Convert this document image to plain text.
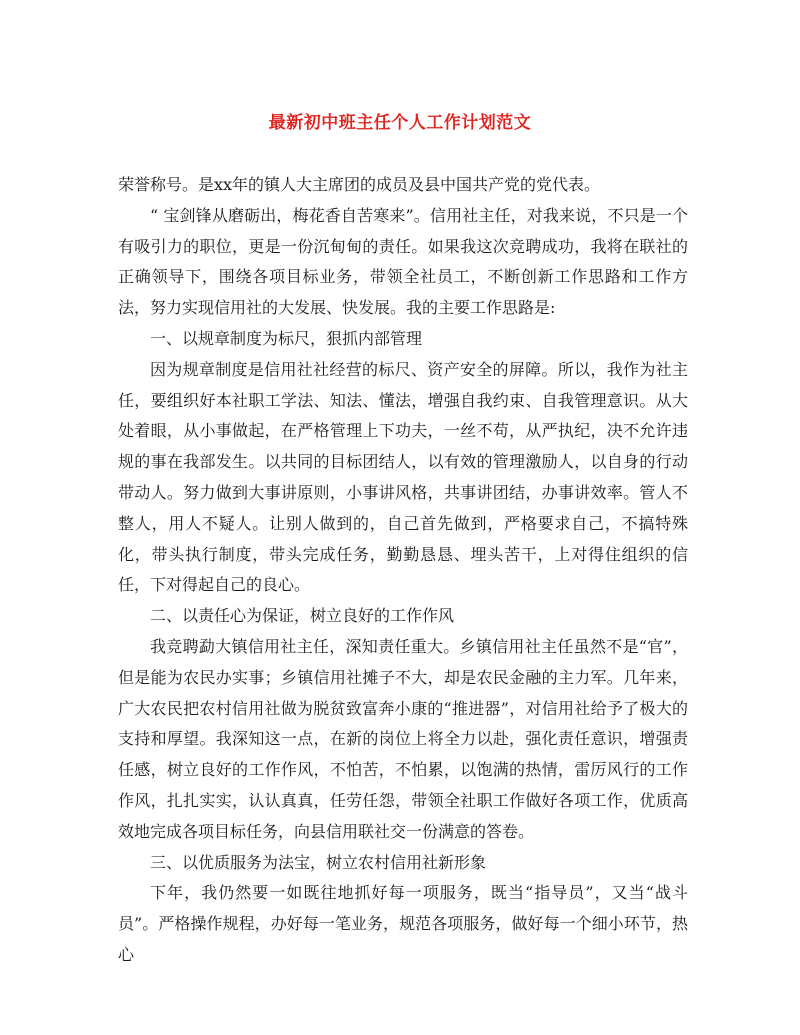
最新初中班主任个人工作计划范文

荣誉称号。是xx年的镇人大主席团的成员及县中国共产党的党代表。

“ 宝剑锋从磨砺出，梅花香自苦寒来”。信用社主任，对我来说，不只是一个有吸引力的职位，更是一份沉甸甸的责任。如果我这次竞聘成功，我将在联社的正确领导下，围绕各项目标业务，带领全社员工，不断创新工作思路和工作方法，努力实现信用社的大发展、快发展。我的主要工作思路是:

一、以规章制度为标尺，狠抓内部管理

因为规章制度是信用社社经营的标尺、资产安全的屏障。所以，我作为社主任，要组织好本社职工学法、知法、懂法，增强自我约束、自我管理意识。从大处着眼，从小事做起，在严格管理上下功夫，一丝不苟，从严执纪，决不允许违规的事在我部发生。以共同的目标团结人，以有效的管理激励人，以自身的行动带动人。努力做到大事讲原则，小事讲风格，共事讲团结，办事讲效率。管人不整人，用人不疑人。让别人做到的，自己首先做到，严格要求自己，不搞特殊化，带头执行制度，带头完成任务，勤勤恳恳、埋头苦干，上对得住组织的信任，下对得起自己的良心。

二、以责任心为保证，树立良好的工作作风

我竞聘勐大镇信用社主任，深知责任重大。乡镇信用社主任虽然不是“官”，但是能为农民办实事；乡镇信用社摊子不大，却是农民金融的主力军。几年来，广大农民把农村信用社做为脱贫致富奔小康的“推进器”，对信用社给予了极大的支持和厚望。我深知这一点，在新的岗位上将全力以赴，强化责任意识，增强责任感，树立良好的工作作风，不怕苦，不怕累，以饱满的热情，雷厉风行的工作作风，扎扎实实，认认真真，任劳任怨，带领全社职工作做好各项工作，优质高效地完成各项目标任务，向县信用联社交一份满意的答卷。

三、以优质服务为法宝，树立农村信用社新形象

下年，我仍然要一如既往地抓好每一项服务，既当“指导员”，又当“战斗员”。严格操作规程，办好每一笔业务，规范各项服务，做好每一个细小环节，热心
